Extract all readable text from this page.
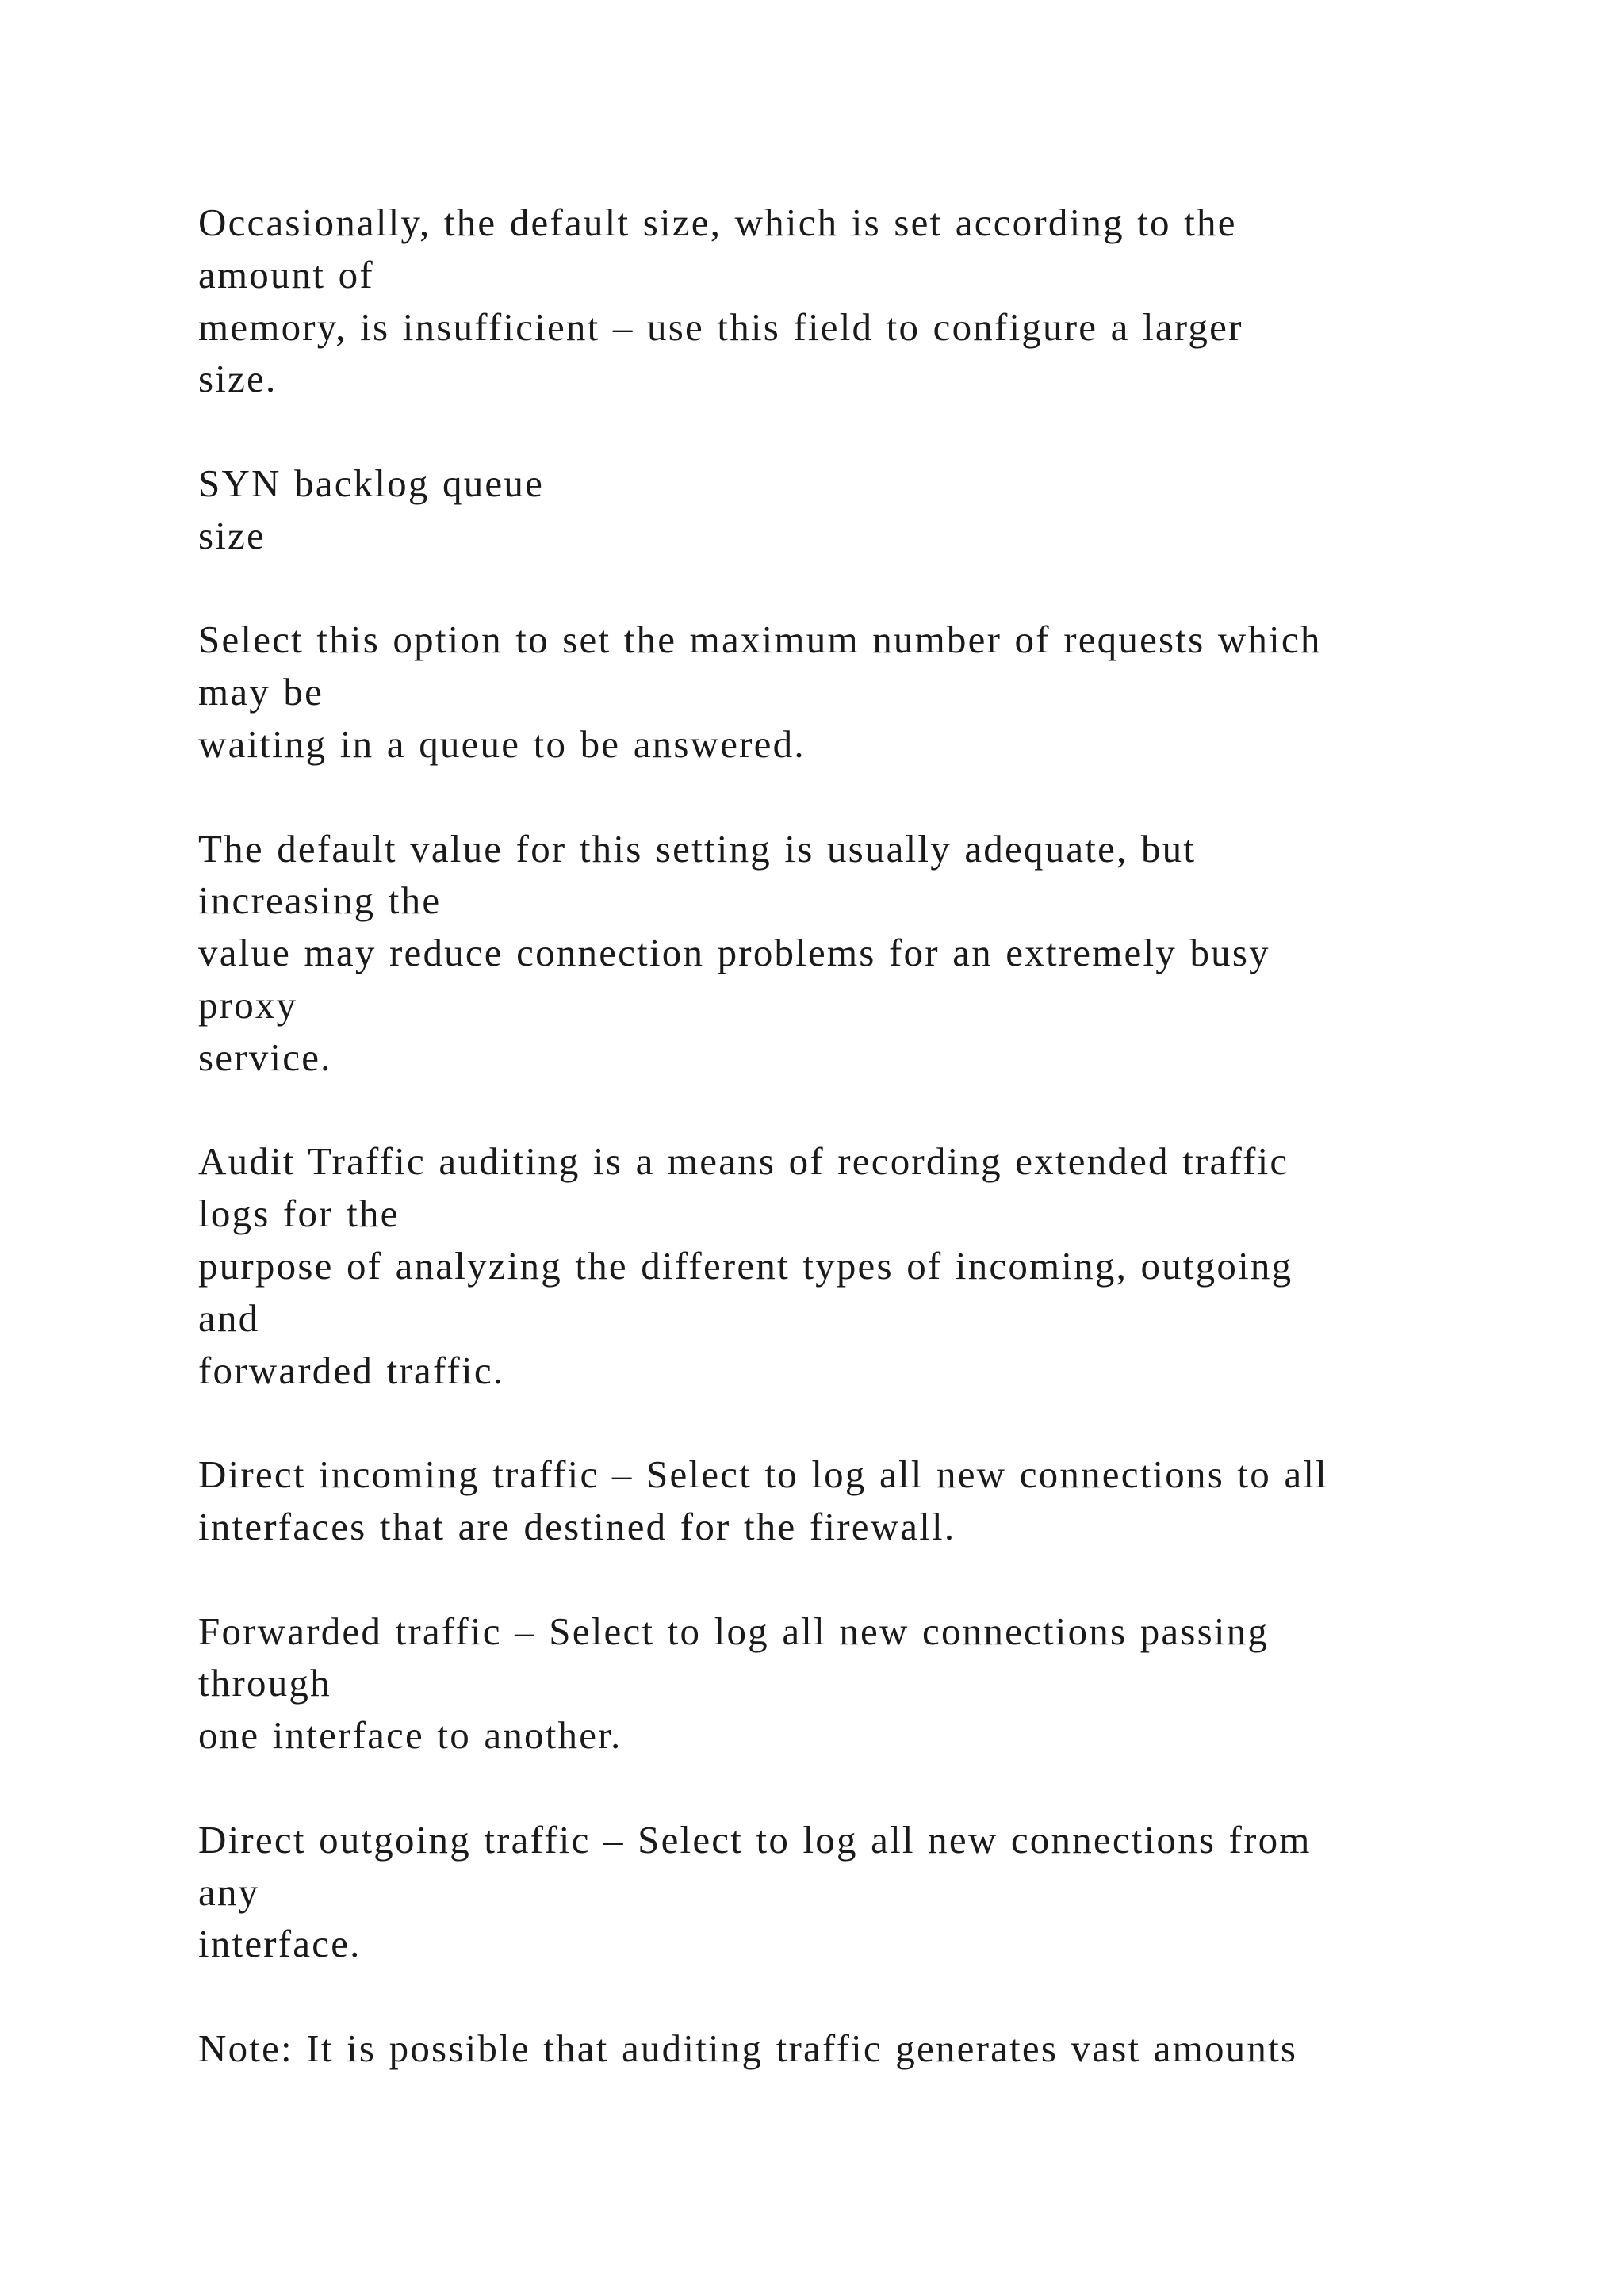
Occasionally, the default size, which is set according to the
amount of
memory, is insufficient – use this field to configure a larger
size.
SYN backlog queue
size
Select this option to set the maximum number of requests which
may be
waiting in a queue to be answered.
The default value for this setting is usually adequate, but
increasing the
value may reduce connection problems for an extremely busy
proxy
service.
Audit Traffic auditing is a means of recording extended traffic
logs for the
purpose of analyzing the different types of incoming, outgoing
and
forwarded traffic.
Direct incoming traffic – Select to log all new connections to all
interfaces that are destined for the firewall.
Forwarded traffic – Select to log all new connections passing
through
one interface to another.
Direct outgoing traffic – Select to log all new connections from
any
interface.
Note: It is possible that auditing traffic generates vast amounts
